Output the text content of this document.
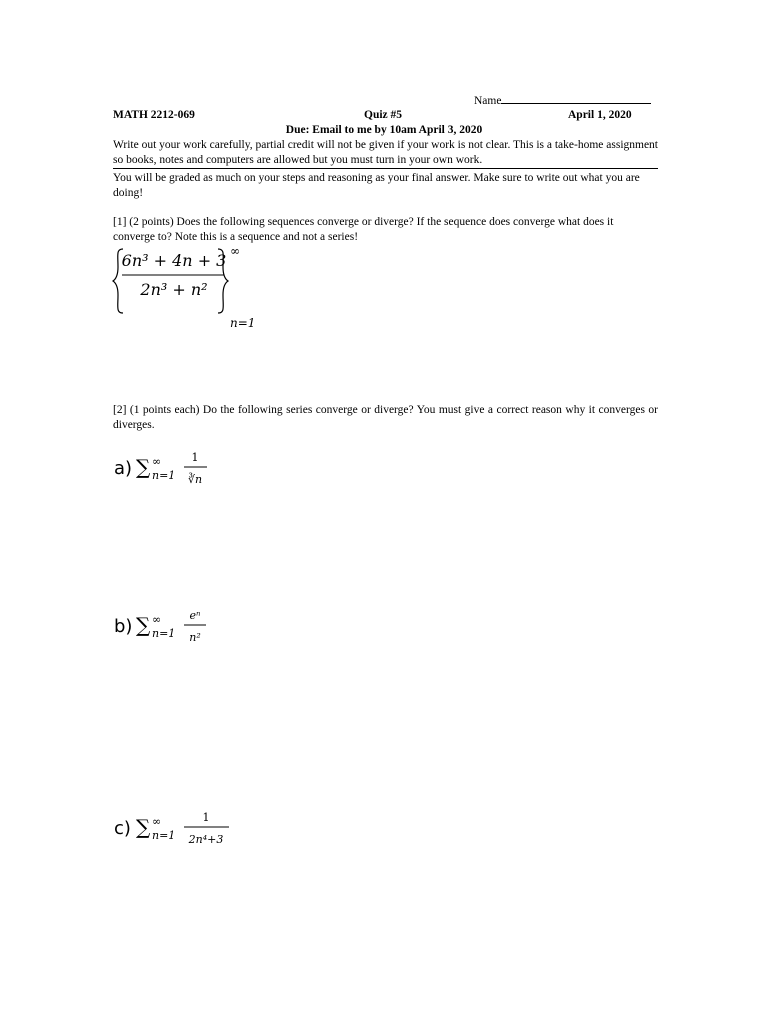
Name
MATH 2212-069	Quiz #5	April 1, 2020
Due: Email to me by 10am April 3, 2020
Write out your work carefully, partial credit will not be given if your work is not clear. This is a take-home assignment so books, notes and computers are allowed but you must turn in your own work.
You will be graded as much on your steps and reasoning as your final answer. Make sure to write out what you are doing!
[1] (2 points) Does the following sequences converge or diverge? If the sequence does converge what does it converge to? Note this is a sequence and not a series!
6n³ + 4n + 3
2n³ + n²
∞
n=1
[2] (1 points each) Do the following series converge or diverge? You must give a correct reason why it converges or diverges.
a) ∑ ∞
n=1
1
∛n
b) ∑ ∞
n=1
eⁿ
n²
c) ∑ ∞
n=1
1
2n⁴+3
